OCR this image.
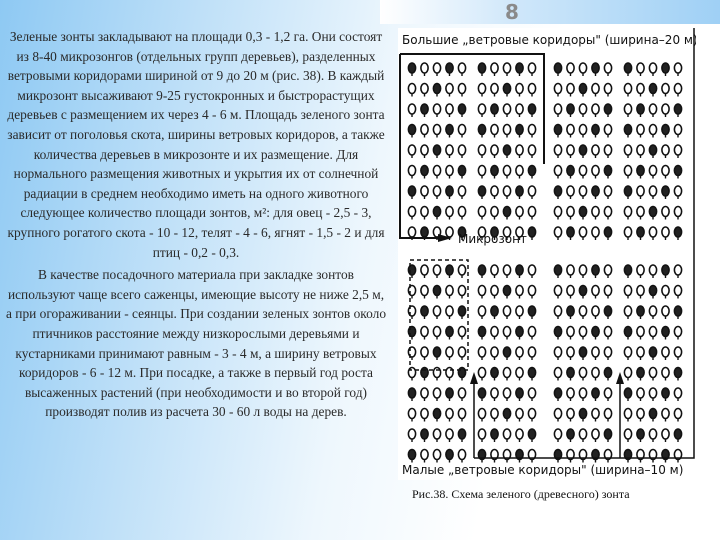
8

Зеленые зонты закладывают на площади 0,3 - 1,2 га. Они состоят из 8-40 микрозонгов (отдельных групп деревьев), разделенных ветровыми коридорами шириной от 9 до 20 м (рис. 38). В каждый микрозонт высаживают 9-25 густокронных и быстрорастущих деревьев с размещением их через 4 - 6 м. Площадь зеленого зонта зависит от поголовья скота, ширины ветровых коридоров, а также количества деревьев в микрозонте и их размещение. Для нормального размещения животных и укрытия их от солнечной радиации в среднем необходимо иметь на одного животного следующее количество площади зонтов, м²: для овец - 2,5 - 3, крупного рогатого скота - 10 - 12, телят - 4 - 6, ягнят - 1,5 - 2 и для птиц - 0,2 - 0,3.

В качестве посадочного материала при закладке зонтов используют чаще всего саженцы, имеющие высоту не ниже 2,5 м, а при огораживании - сеянцы. При создании зеленых зонтов около птичников расстояние между низкорослыми деревьями и кустарниками принимают равным - 3 - 4 м, а ширину ветровых коридоров - 6 - 12 м. При посадке, а также в первый год роста высаженных растений (при необходимости и во второй год) производят полив из расчета 30 - 60 л воды на дерев.

Большие „ветровые коридоры" (ширина–20 м)
Микрозонт
Малые „ветровые коридоры" (ширина–10 м)
Рис.38. Схема зеленого (древесного) зонта
